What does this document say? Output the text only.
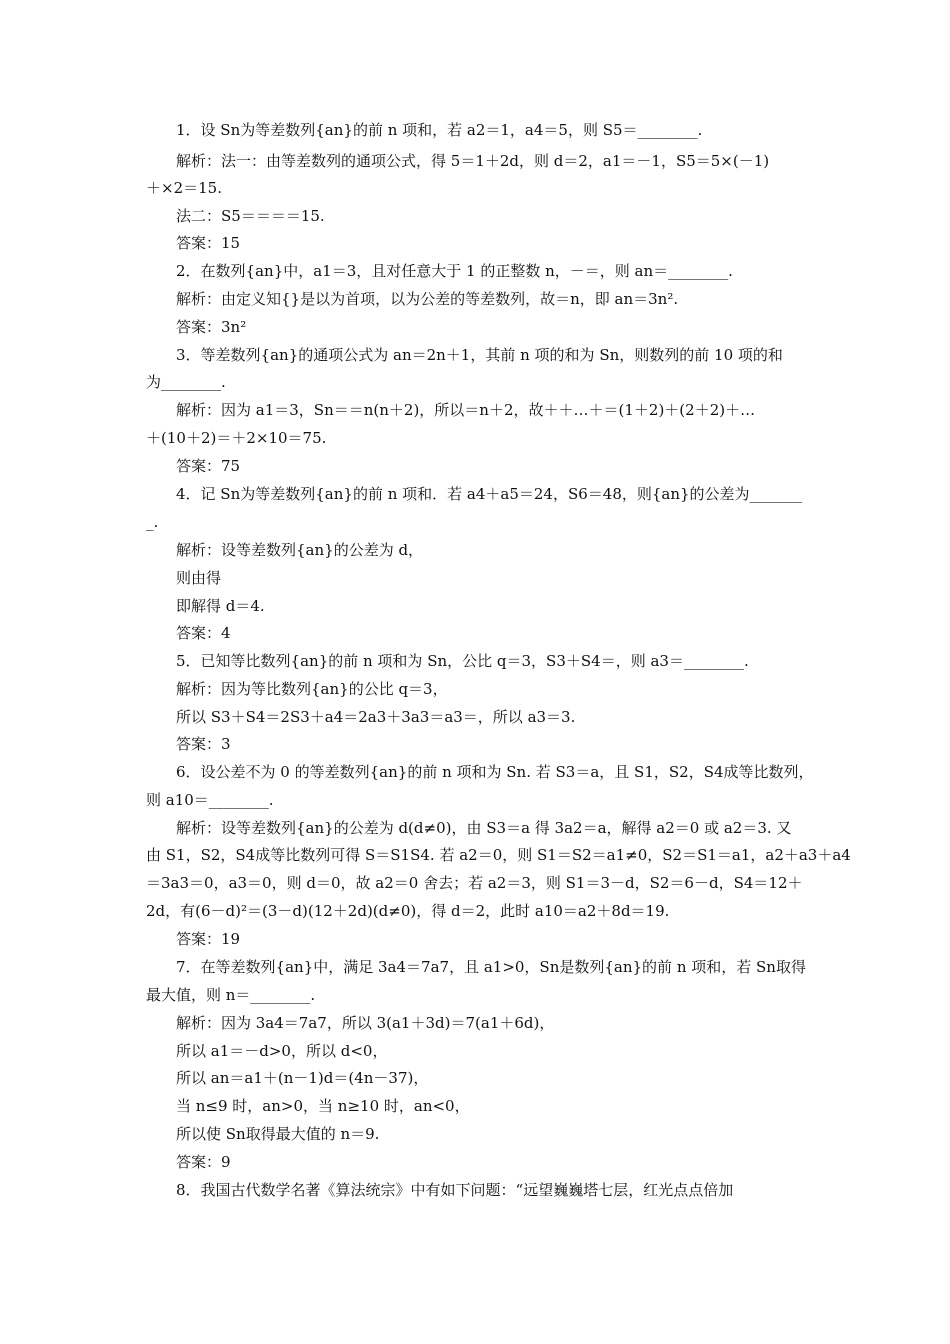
1．设 Sn为等差数列{an}的前 n 项和，若 a2＝1，a4＝5，则 S5＝________.
解析：法一：由等差数列的通项公式，得 5＝1＋2d，则 d＝2，a1＝－1，S5＝5×(－1)
＋×2＝15.
法二：S5＝＝＝＝15.
答案：15
2．在数列{an}中，a1＝3，且对任意大于 1 的正整数 n，－＝，则 an＝________.
解析：由定义知{}是以为首项，以为公差的等差数列，故＝n，即 an＝3n².
答案：3n²
3．等差数列{an}的通项公式为 an＝2n＋1，其前 n 项的和为 Sn，则数列的前 10 项的和
为________.
解析：因为 a1＝3，Sn＝＝n(n＋2)，所以＝n＋2，故＋＋…＋＝(1＋2)＋(2＋2)＋…
＋(10＋2)＝＋2×10＝75.
答案：75
4．记 Sn为等差数列{an}的前 n 项和．若 a4＋a5＝24，S6＝48，则{an}的公差为_______
_.
解析：设等差数列{an}的公差为 d，
则由得
即解得 d＝4.
答案：4
5．已知等比数列{an}的前 n 项和为 Sn，公比 q＝3，S3＋S4＝，则 a3＝________.
解析：因为等比数列{an}的公比 q＝3，
所以 S3＋S4＝2S3＋a4＝2a3＋3a3＝a3＝，所以 a3＝3.
答案：3
6．设公差不为 0 的等差数列{an}的前 n 项和为 Sn. 若 S3＝a，且 S1，S2，S4成等比数列，
则 a10＝________.
解析：设等差数列{an}的公差为 d(d≠0)，由 S3＝a 得 3a2＝a，解得 a2＝0 或 a2＝3. 又
由 S1，S2，S4成等比数列可得 S＝S1S4. 若 a2＝0，则 S1＝S2＝a1≠0，S2＝S1＝a1，a2＋a3＋a4
＝3a3＝0，a3＝0，则 d＝0，故 a2＝0 舍去；若 a2＝3，则 S1＝3－d，S2＝6－d，S4＝12＋
2d，有(6－d)²＝(3－d)(12＋2d)(d≠0)，得 d＝2，此时 a10＝a2＋8d＝19.
答案：19
7．在等差数列{an}中，满足 3a4＝7a7，且 a1>0，Sn是数列{an}的前 n 项和，若 Sn取得
最大值，则 n＝________.
解析：因为 3a4＝7a7，所以 3(a1＋3d)＝7(a1＋6d)，
所以 a1＝－d>0，所以 d<0，
所以 an＝a1＋(n－1)d＝(4n－37)，
当 n≤9 时，an>0，当 n≥10 时，an<0，
所以使 Sn取得最大值的 n＝9.
答案：9
8．我国古代数学名著《算法统宗》中有如下问题：“远望巍巍塔七层，红光点点倍加
